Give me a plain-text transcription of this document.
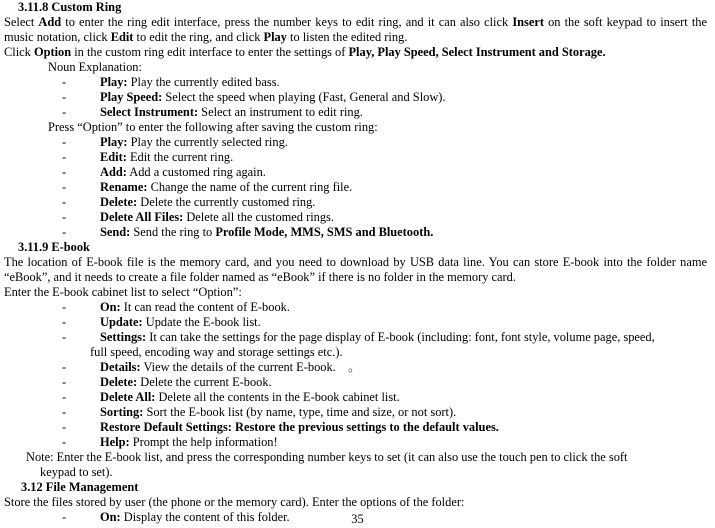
3.11.8 Custom Ring
Select Add to enter the ring edit interface, press the number keys to edit ring, and it can also click Insert on the soft keypad to insert the music notation, click Edit to edit the ring, and click Play to listen the edited ring.
Click Option in the custom ring edit interface to enter the settings of Play, Play Speed, Select Instrument and Storage.
Noun Explanation:
-	Play: Play the currently edited bass.
-	Play Speed: Select the speed when playing (Fast, General and Slow).
-	Select Instrument: Select an instrument to edit ring.
Press “Option” to enter the following after saving the custom ring:
-	Play: Play the currently selected ring.
-	Edit: Edit the current ring.
-	Add: Add a customed ring again.
-	Rename: Change the name of the current ring file.
-	Delete: Delete the currently customed ring.
-	Delete All Files: Delete all the customed rings.
-	Send: Send the ring to Profile Mode, MMS, SMS and Bluetooth.
3.11.9 E-book
The location of E-book file is the memory card, and you need to download by USB data line. You can store E-book into the folder name “eBook”, and it needs to create a file folder named as “eBook” if there is no folder in the memory card.
Enter the E-book cabinet list to select “Option”:
-	On: It can read the content of E-book.
-	Update: Update the E-book list.
-	Settings: It can take the settings for the page display of E-book (including: font, font style, volume page, speed,
full speed, encoding way and storage settings etc.).
-	Details: View the details of the current E-book.    。
-	Delete: Delete the current E-book.
-	Delete All: Delete all the contents in the E-book cabinet list.
-	Sorting: Sort the E-book list (by name, type, time and size, or not sort).
-	Restore Default Settings: Restore the previous settings to the default values.
-	Help: Prompt the help information!
Note: Enter the E-book list, and press the corresponding number keys to set (it can also use the touch pen to click the soft
keypad to set).
3.12 File Management
Store the files stored by user (the phone or the memory card). Enter the options of the folder:
-	On: Display the content of this folder.	35
